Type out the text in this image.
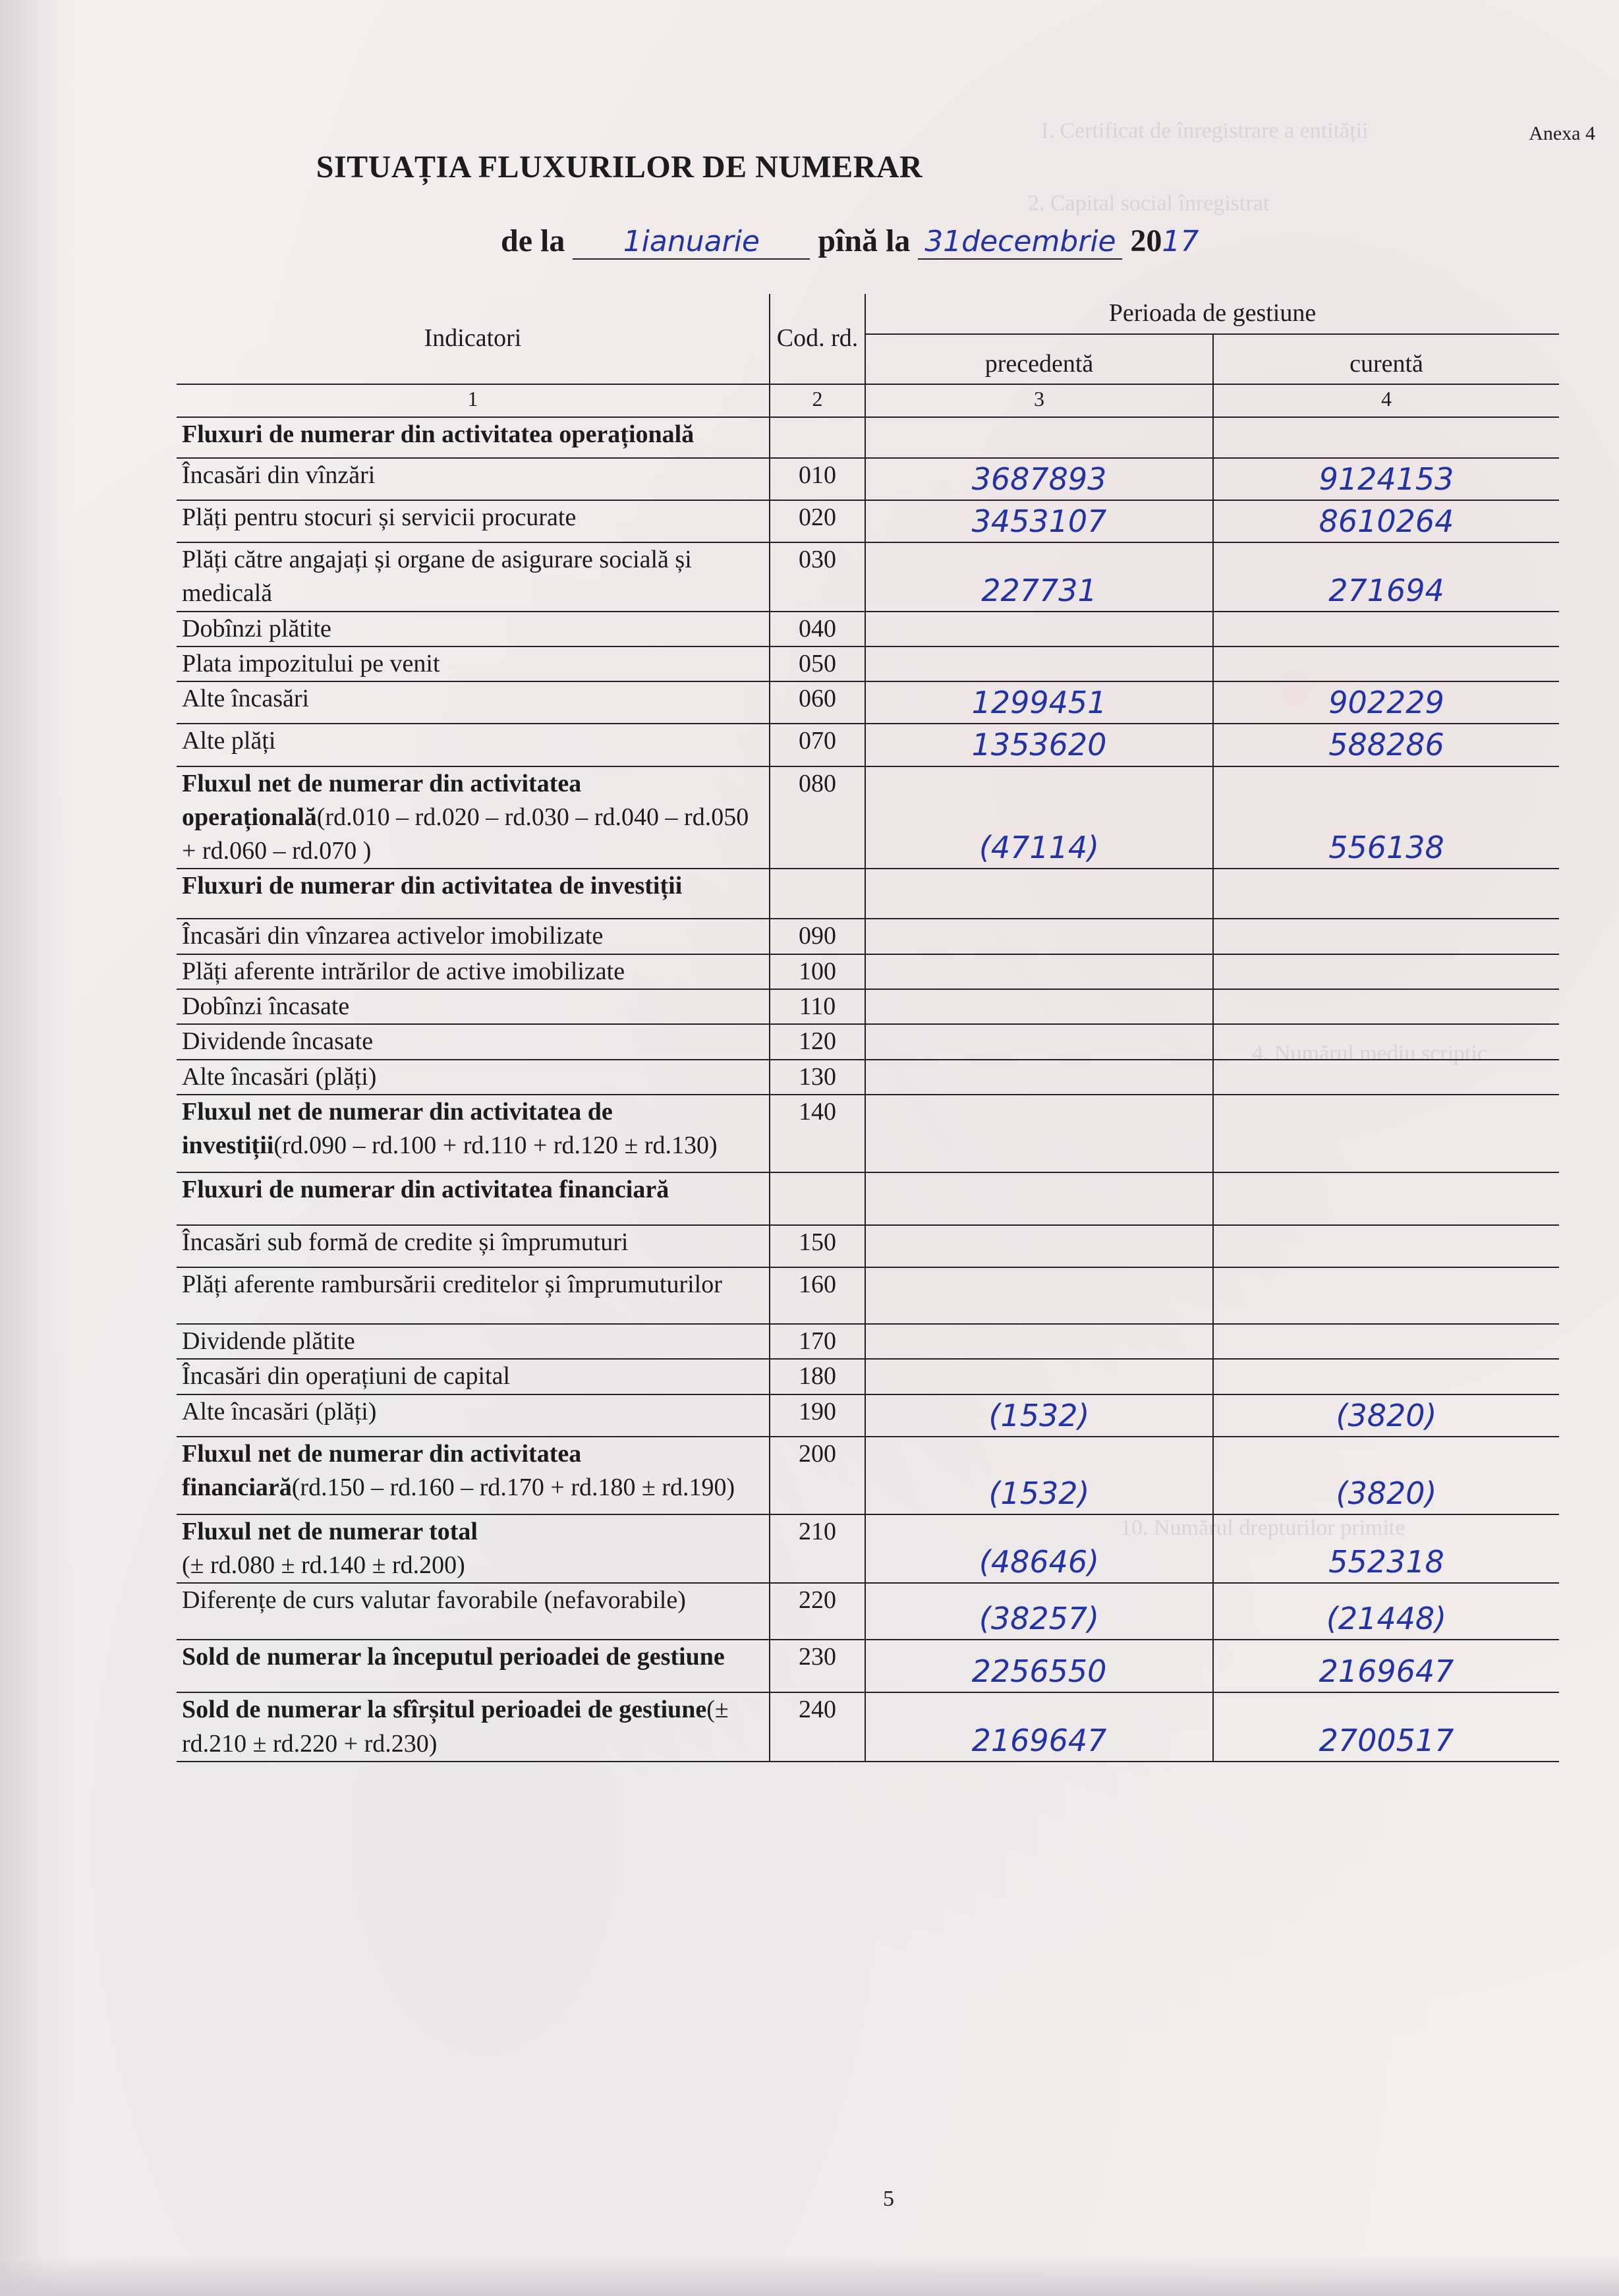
I. Certificat de înregistrare a entității
2. Capital social înregistrat
4. Numărul mediu scriptic
10. Numărul drepturilor primite
Anexa 4
SITUAȚIA FLUXURILOR DE NUMERAR
de la 1ianuarie pînă la 31decembrie 2017
Indicatori	Cod. rd.	Perioada de gestiune	
		precedentă	curentă
1	2	3	4
Fluxuri de numerar din activitatea operațională			
Încasări din vînzări	010	3687893	9124153
Plăți pentru stocuri și servicii procurate	020	3453107	8610264
Plăți către angajați și organe de asigurare socială și medicală	030	227731	271694
Dobînzi plătite	040		
Plata impozitului pe venit	050		
Alte încasări	060	1299451	902229
Alte plăți	070	1353620	588286
Fluxul net de numerar din activitatea operațională(rd.010 – rd.020 – rd.030 – rd.040 – rd.050 + rd.060 – rd.070 )	080	(47114)	556138
Fluxuri de numerar din activitatea de investiții			
Încasări din vînzarea activelor imobilizate	090		
Plăți aferente intrărilor de active imobilizate	100		
Dobînzi încasate	110		
Dividende încasate	120		
Alte încasări (plăți)	130		
Fluxul net de numerar din activitatea de investiții(rd.090 – rd.100 + rd.110 + rd.120 ± rd.130)	140		
Fluxuri de numerar din activitatea financiară			
Încasări sub formă de credite și împrumuturi	150		
Plăți aferente rambursării creditelor și împrumuturilor	160		
Dividende plătite	170		
Încasări din operațiuni de capital	180		
Alte încasări (plăți)	190	(1532)	(3820)
Fluxul net de numerar din activitatea financiară(rd.150 – rd.160 – rd.170 + rd.180 ± rd.190)	200	(1532)	(3820)
Fluxul net de numerar total
(± rd.080 ± rd.140 ± rd.200)	210	(48646)	552318
Diferențe de curs valutar favorabile (nefavorabile)	220	(38257)	(21448)
Sold de numerar la începutul perioadei de gestiune	230	2256550	2169647
Sold de numerar la sfîrșitul perioadei de gestiune(± rd.210 ± rd.220 + rd.230)	240	2169647	2700517
5
